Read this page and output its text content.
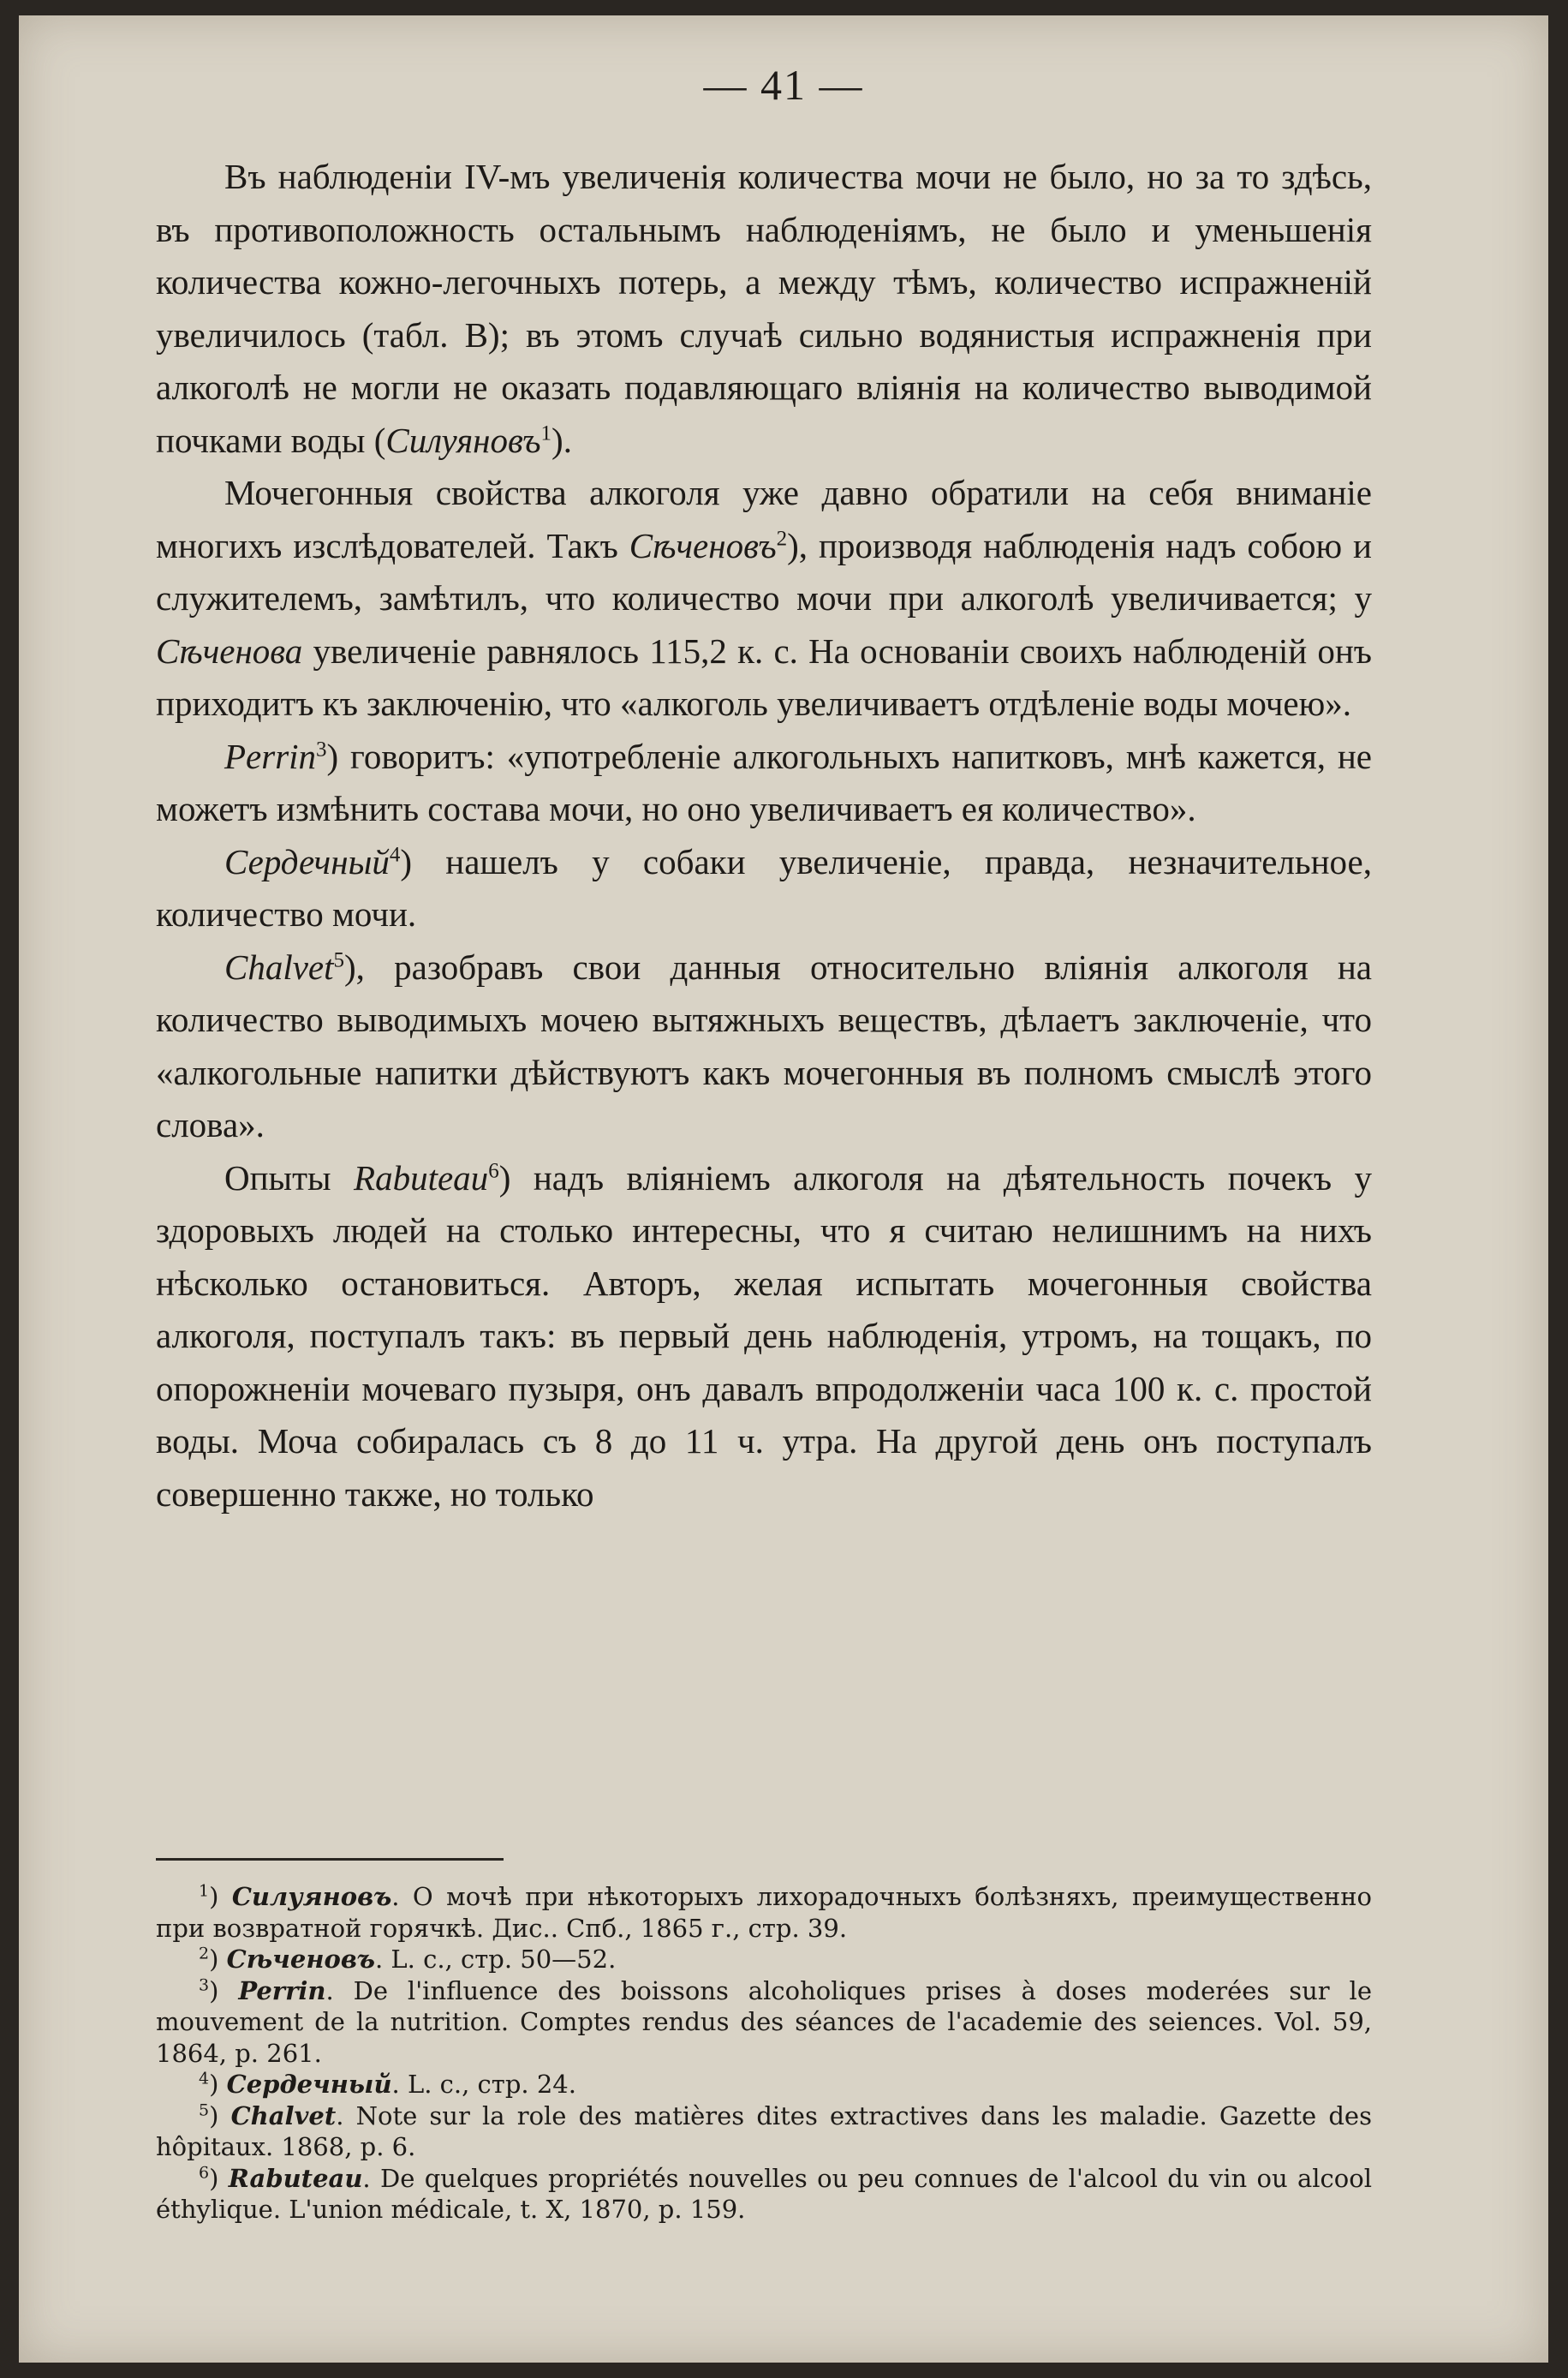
— 41 —

Въ наблюденіи IV-мъ увеличенія количества мочи не было, но за то здѣсь, въ противоположность остальнымъ наблюденіямъ, не было и уменьшенія количества кожно-легочныхъ потерь, а между тѣмъ, количество испражненій увеличилось (табл. В); въ этомъ случаѣ сильно водянистыя испражненія при алкоголѣ не могли не оказать подавляющаго вліянія на количество выводимой почками воды (Силуяновъ$^1$).

Мочегонныя свойства алкоголя уже давно обратили на себя вниманіе многихъ изслѣдователей. Такъ Сѣченовъ$^2$), производя наблюденія надъ собою и служителемъ, замѣтилъ, что количество мочи при алкоголѣ увеличивается; у Сѣченова увеличеніе равнялось 115,2 к. с. На основаніи своихъ наблюденій онъ приходитъ къ заключенію, что «алкоголь увеличиваетъ отдѣленіе воды мочею».

Perrin$^3$) говоритъ: «употребленіе алкогольныхъ напитковъ, мнѣ кажется, не можетъ измѣнить состава мочи, но оно увеличиваетъ ея количество».

Сердечный$^4$) нашелъ у собаки увеличеніе, правда, незначительное, количество мочи.

Chalvet$^5$), разобравъ свои данныя относительно вліянія алкоголя на количество выводимыхъ мочею вытяжныхъ веществъ, дѣлаетъ заключеніе, что «алкогольные напитки дѣйствуютъ какъ мочегонныя въ полномъ смыслѣ этого слова».

Опыты Rabuteau$^6$) надъ вліяніемъ алкоголя на дѣятельность почекъ у здоровыхъ людей на столько интересны, что я считаю нелишнимъ на нихъ нѣсколько остановиться. Авторъ, желая испытать мочегонныя свойства алкоголя, поступалъ такъ: въ первый день наблюденія, утромъ, на тощакъ, по опорожненіи мочеваго пузыря, онъ давалъ впродолженіи часа 100 к. с. простой воды. Моча собиралась съ 8 до 11 ч. утра. На другой день онъ поступалъ совершенно также, но только

$^1$) Силуяновъ. О мочѣ при нѣкоторыхъ лихорадочныхъ болѣзняхъ, преимущественно при возвратной горячкѣ. Дис.. Спб., 1865 г., стр. 39.

$^2$) Сѣченовъ. L. c., стр. 50—52.

$^3$) Perrin. De l'influence des boissons alcoholiques prises à doses moderées sur le mouvement de la nutrition. Comptes rendus des séances de l'academie des seiences. Vol. 59, 1864, p. 261.

$^4$) Сердечный. L. c., стр. 24.

$^5$) Chalvet. Note sur la role des matières dites extractives dans les maladie. Gazette des hôpitaux. 1868, p. 6.

$^6$) Rabuteau. De quelques propriétés nouvelles ou peu connues de l'alcool du vin ou alcool éthylique. L'union médicale, t. X, 1870, p. 159.
